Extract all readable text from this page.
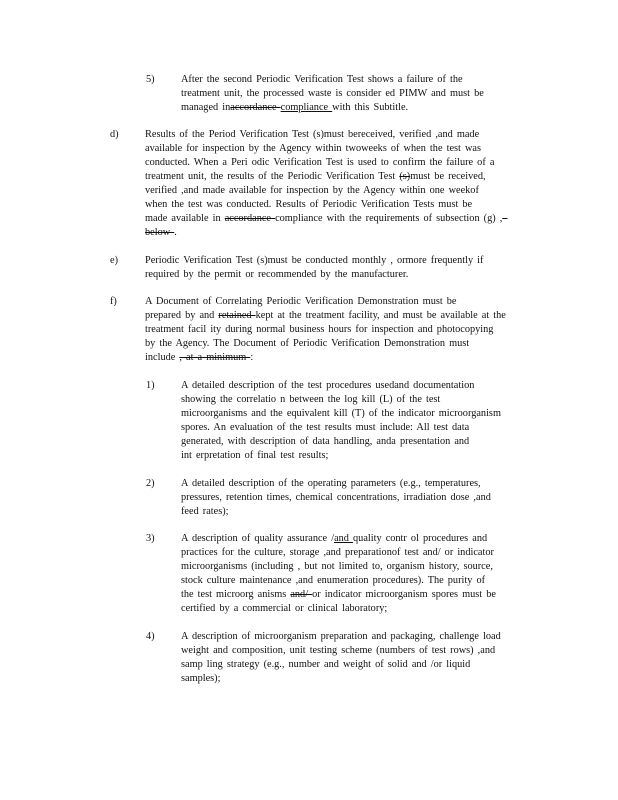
5)	After the second Periodic Verification Test shows a failure of the
treatment unit, the processed waste is consider ed PIMW and must be
managed inaccordance compliance with this Subtitle.
d)	Results of the Period Verification Test (s)must bereceived, verified ,and made
available for inspection by the Agency within twoweeks of when the test was
conducted. When a Peri odic Verification Test is used to confirm the failure of a
treatment unit, the results of the Periodic Verification Test (s)must be received,
verified ,and made available for inspection by the Agency within one weekof
when the test was conducted. Results of Periodic Verification Tests must be
made available in accordance compliance with the requirements of subsection (g) ,–
below .
e)	Periodic Verification Test (s)must be conducted monthly , ormore frequently if
required by the permit or recommended by the manufacturer.
f)	A Document of Correlating Periodic Verification Demonstration must be
prepared by and retained kept at the treatment facility, and must be available at the
treatment facil ity during normal business hours for inspection and photocopying
by the Agency. The Document of Periodic Verification Demonstration must
include , at a minimum :
1)	A detailed description of the test procedures usedand documentation
showing the correlatio n between the log kill (L) of the test
microorganisms and the equivalent kill (T) of the indicator microorganism
spores. An evaluation of the test results must include: All test data
generated, with description of data handling, anda presentation and
int erpretation of final test results;
2)	A detailed description of the operating parameters (e.g., temperatures,
pressures, retention times, chemical concentrations, irradiation dose ,and
feed rates);
3)	A description of quality assurance /and quality contr ol procedures and
practices for the culture, storage ,and preparationof test and/ or indicator
microorganisms (including , but not limited to, organism history, source,
stock culture maintenance ,and enumeration procedures). The purity of
the test microorg anisms and/ or indicator microorganism spores must be
certified by a commercial or clinical laboratory;
4)	A description of microorganism preparation and packaging, challenge load
weight and composition, unit testing scheme (numbers of test rows) ,and
samp ling strategy (e.g., number and weight of solid and /or liquid
samples);
